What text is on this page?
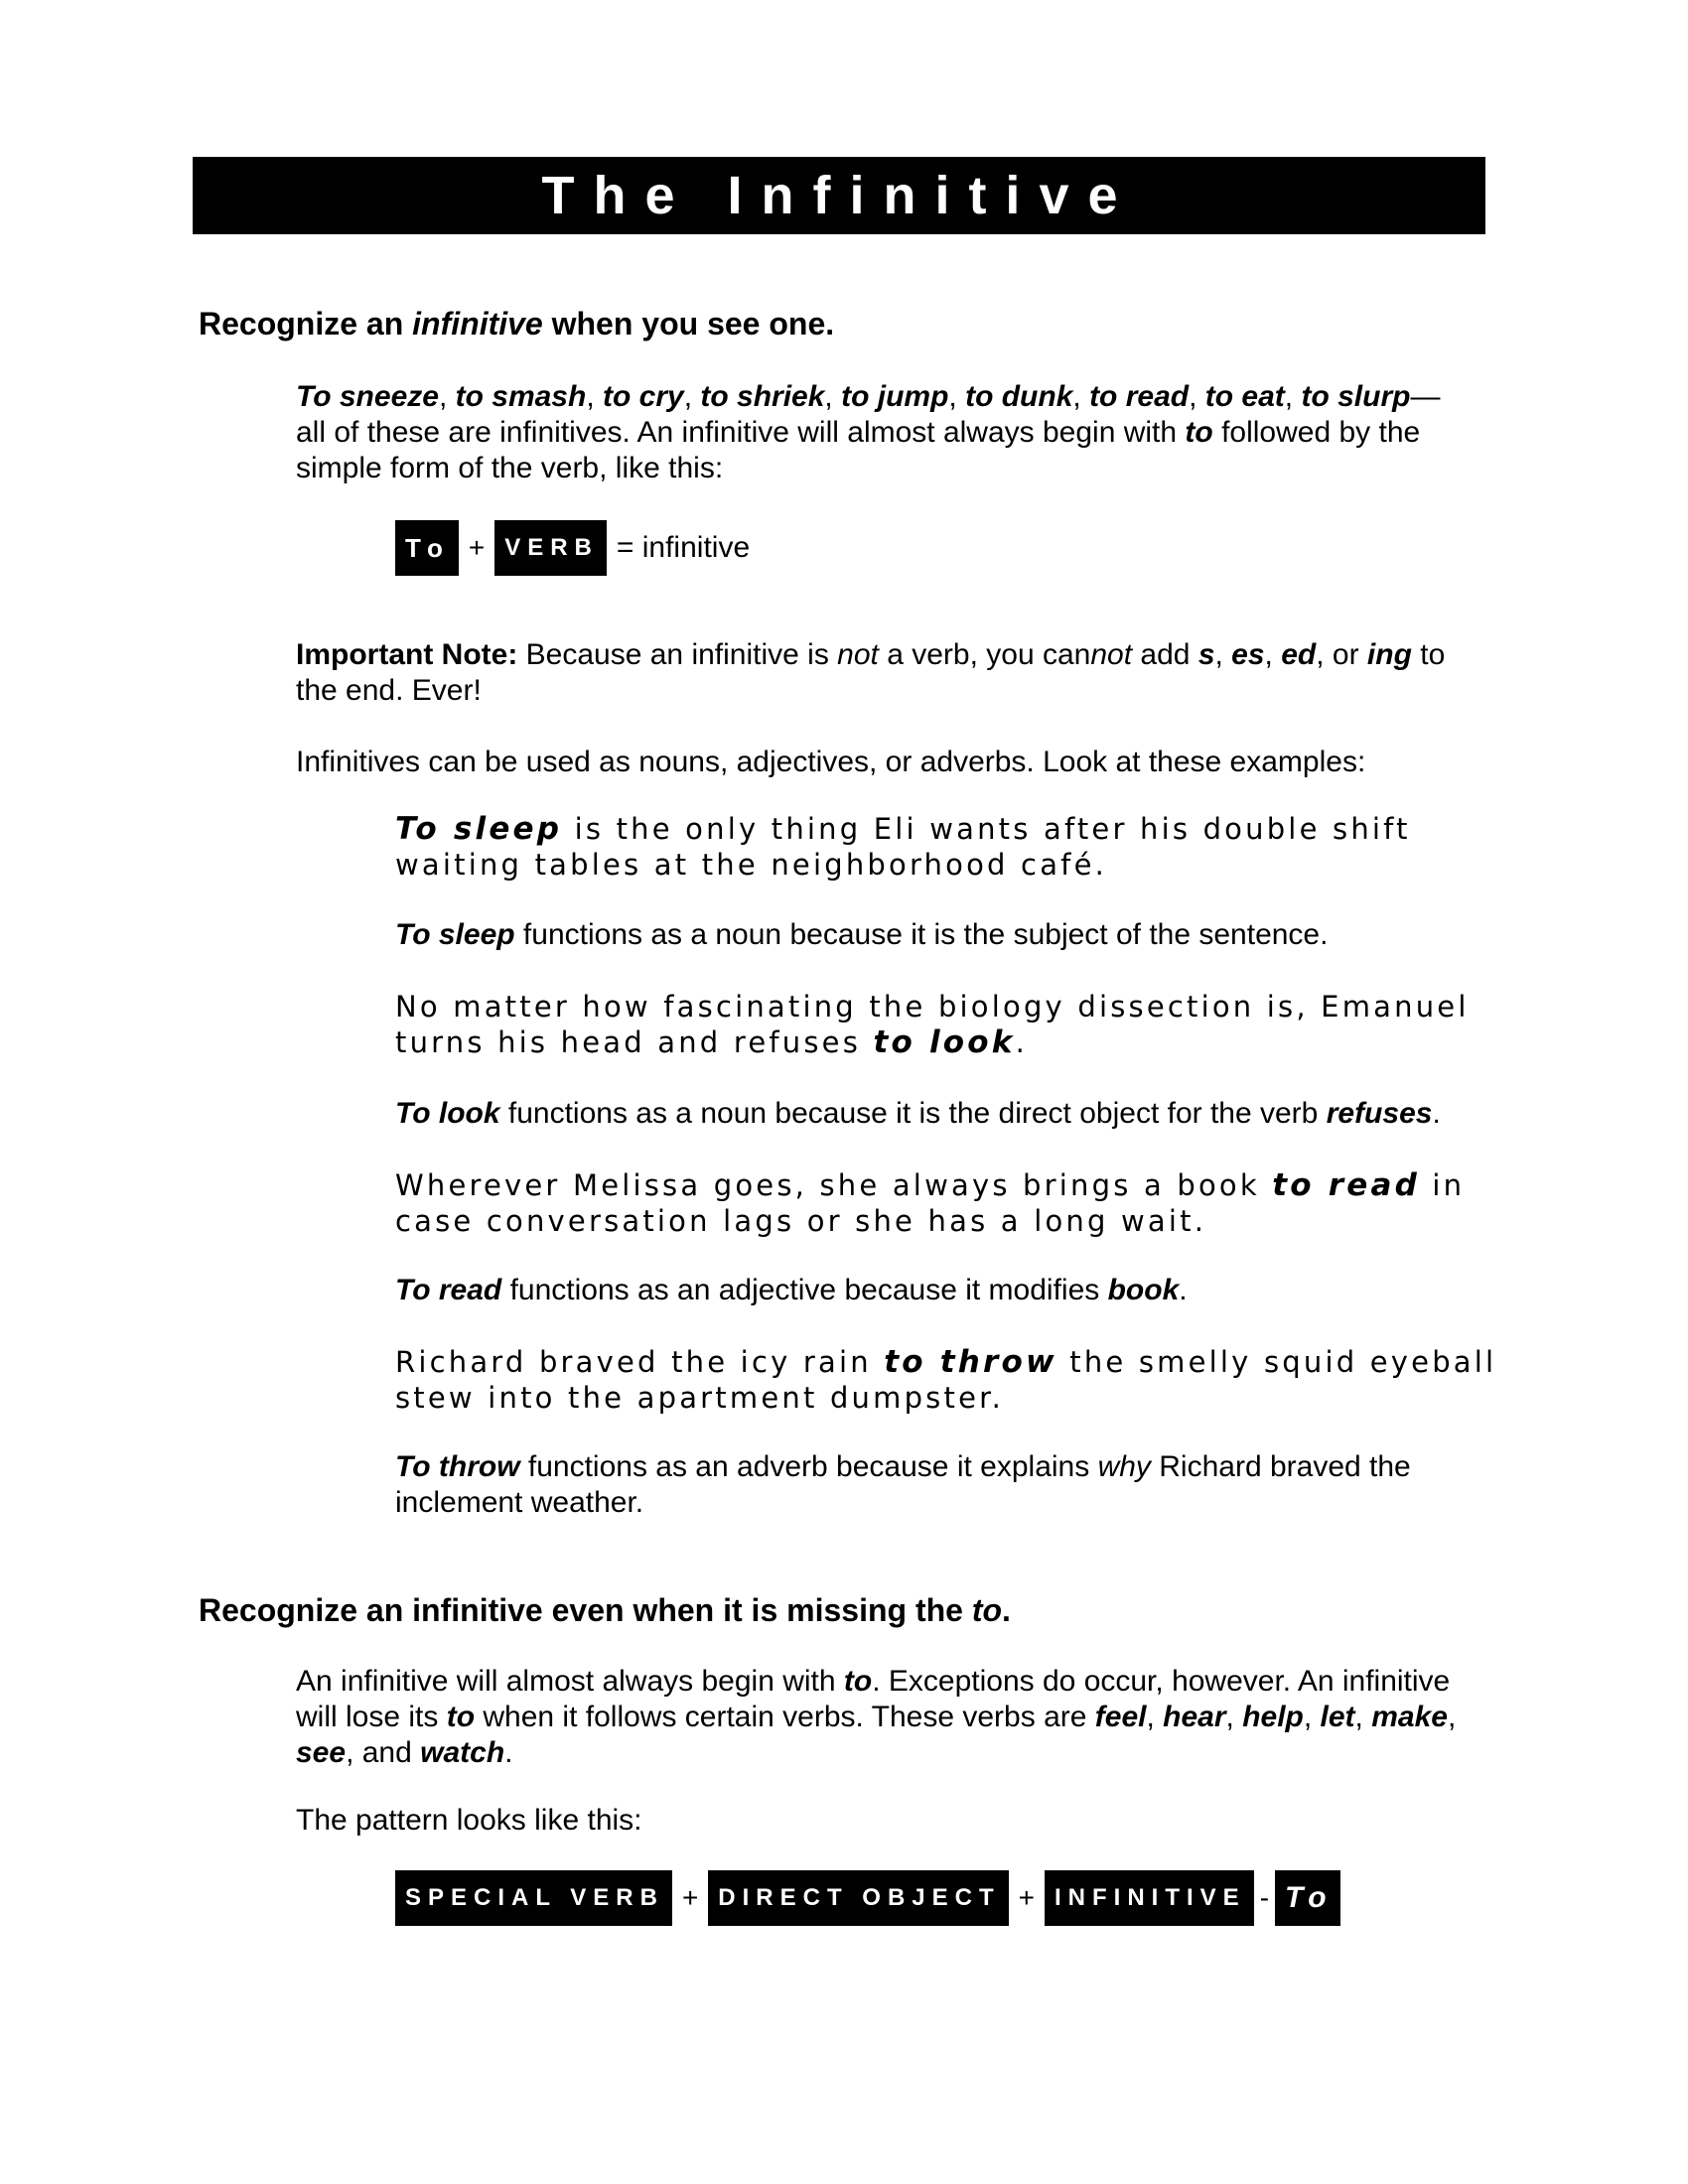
The Infinitive
Recognize an infinitive when you see one.
To sneeze, to smash, to cry, to shriek, to jump, to dunk, to read, to eat, to slurp—
all of these are infinitives. An infinitive will almost always begin with to followed by the simple form of the verb, like this:
To + VERB = infinitive
Important Note: Because an infinitive is not a verb, you cannot add s, es, ed, or ing to the end. Ever!
Infinitives can be used as nouns, adjectives, or adverbs. Look at these examples:
To sleep is the only thing Eli wants after his double shift waiting tables at the neighborhood café.
To sleep functions as a noun because it is the subject of the sentence.
No matter how fascinating the biology dissection is, Emanuel turns his head and refuses to look.
To look functions as a noun because it is the direct object for the verb refuses.
Wherever Melissa goes, she always brings a book to read in case conversation lags or she has a long wait.
To read functions as an adjective because it modifies book.
Richard braved the icy rain to throw the smelly squid eyeball stew into the apartment dumpster.
To throw functions as an adverb because it explains why Richard braved the inclement weather.
Recognize an infinitive even when it is missing the to.
An infinitive will almost always begin with to. Exceptions do occur, however. An infinitive will lose its to when it follows certain verbs. These verbs are feel, hear, help, let, make, see, and watch.
The pattern looks like this:
SPECIAL VERB + DIRECT OBJECT + INFINITIVE - To
